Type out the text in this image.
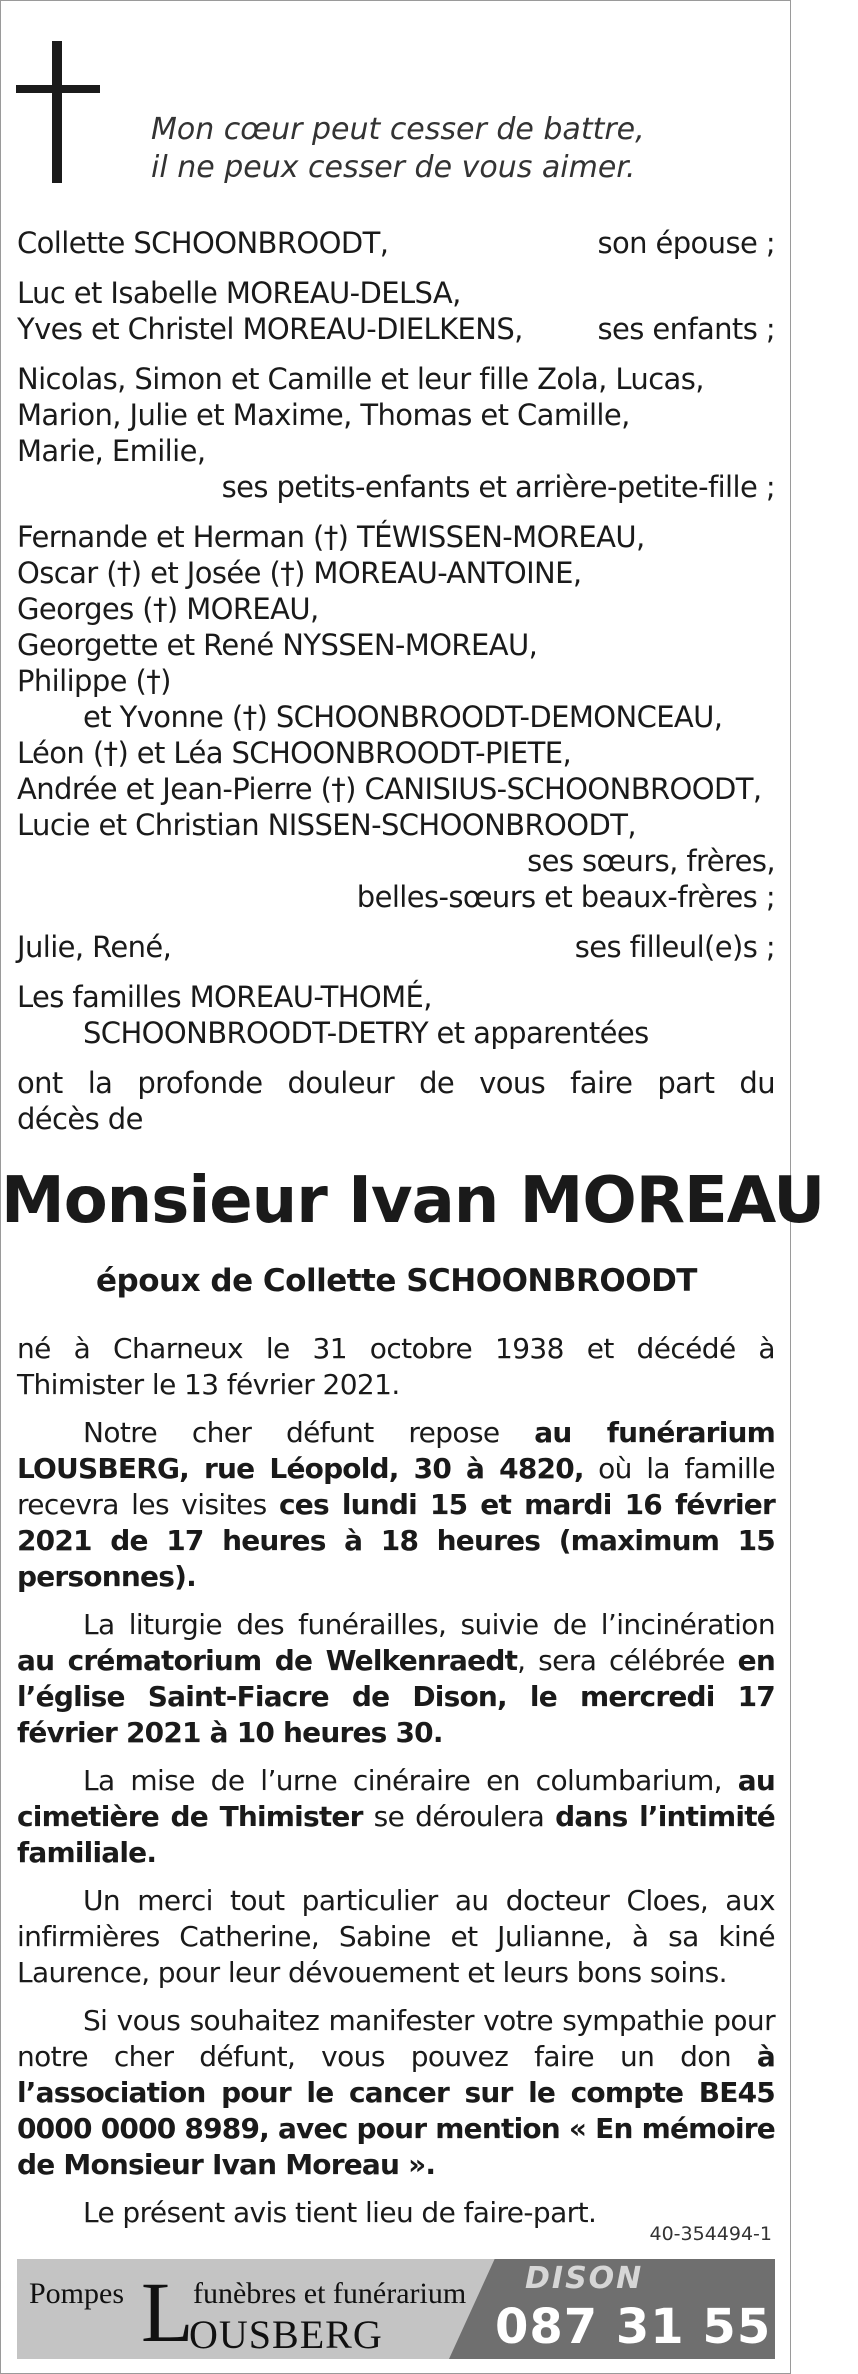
Mon cœur peut cesser de battre,
il ne peux cesser de vous aimer.
Collette SCHOONBROODT,	son épouse ;
Luc et Isabelle MOREAU-DELSA,
Yves et Christel MOREAU-DIELKENS,	ses enfants ;
Nicolas, Simon et Camille et leur fille Zola, Lucas,
Marion, Julie et Maxime, Thomas et Camille,
Marie, Emilie,
ses petits-enfants et arrière-petite-fille ;
Fernande et Herman (†) TÉWISSEN-MOREAU,
Oscar (†) et Josée (†) MOREAU-ANTOINE,
Georges (†) MOREAU,
Georgette et René NYSSEN-MOREAU,
Philippe (†)
et Yvonne (†) SCHOONBROODT-DEMONCEAU,
Léon (†) et Léa SCHOONBROODT-PIETE,
Andrée et Jean-Pierre (†) CANISIUS-SCHOONBROODT,
Lucie et Christian NISSEN-SCHOONBROODT,
ses sœurs, frères,
belles-sœurs et beaux-frères ;
Julie, René,	ses filleul(e)s ;
Les familles MOREAU-THOMÉ,
SCHOONBROODT-DETRY et apparentées
ont la profonde douleur de vous faire part du
décès de
Monsieur Ivan MOREAU
époux de Collette SCHOONBROODT

né à Charneux le 31 octobre 1938 et décédé à Thimister le 13 février 2021.

Notre cher défunt repose au funérarium LOUSBERG, rue Léopold, 30 à 4820, où la famille recevra les visites ces lundi 15 et mardi 16 février 2021 de 17 heures à 18 heures (maximum 15 personnes).

La liturgie des funérailles, suivie de l’incinération au crématorium de Welkenraedt, sera célébrée en l’église Saint-Fiacre de Dison, le mercredi 17 février 2021 à 10 heures 30.

La mise de l’urne cinéraire en columbarium, au cimetière de Thimister se déroulera dans l’intimité familiale.

Un merci tout particulier au docteur Cloes, aux infirmières Catherine, Sabine et Julianne, à sa kiné Laurence, pour leur dévouement et leurs bons soins.

Si vous souhaitez manifester votre sympathie pour notre cher défunt, vous pouvez faire un don à l’association pour le cancer sur le compte BE45 0000 0000 8989, avec pour mention « En mémoire de Monsieur Ivan Moreau ».

Le présent avis tient lieu de faire-part.

40-354494-1
Pompes L funèbres et funérarium
OUSBERG
DISON
087 31 55 55
